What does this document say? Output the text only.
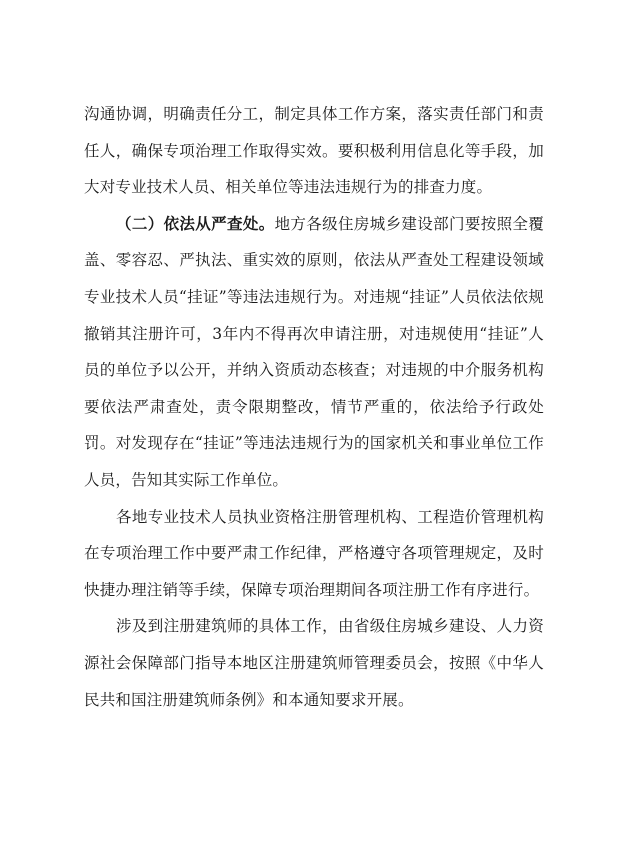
沟通协调，明确责任分工，制定具体工作方案，落实责任部门和责任人，确保专项治理工作取得实效。要积极利用信息化等手段，加大对专业技术人员、相关单位等违法违规行为的排查力度。

（二）依法从严查处。地方各级住房城乡建设部门要按照全覆盖、零容忍、严执法、重实效的原则，依法从严查处工程建设领域专业技术人员“挂证”等违法违规行为。对违规“挂证”人员依法依规撤销其注册许可，3年内不得再次申请注册，对违规使用“挂证”人员的单位予以公开，并纳入资质动态核查；对违规的中介服务机构要依法严肃查处，责令限期整改，情节严重的，依法给予行政处罚。对发现存在“挂证”等违法违规行为的国家机关和事业单位工作人员，告知其实际工作单位。

各地专业技术人员执业资格注册管理机构、工程造价管理机构在专项治理工作中要严肃工作纪律，严格遵守各项管理规定，及时快捷办理注销等手续，保障专项治理期间各项注册工作有序进行。

涉及到注册建筑师的具体工作，由省级住房城乡建设、人力资源社会保障部门指导本地区注册建筑师管理委员会，按照《中华人民共和国注册建筑师条例》和本通知要求开展。
